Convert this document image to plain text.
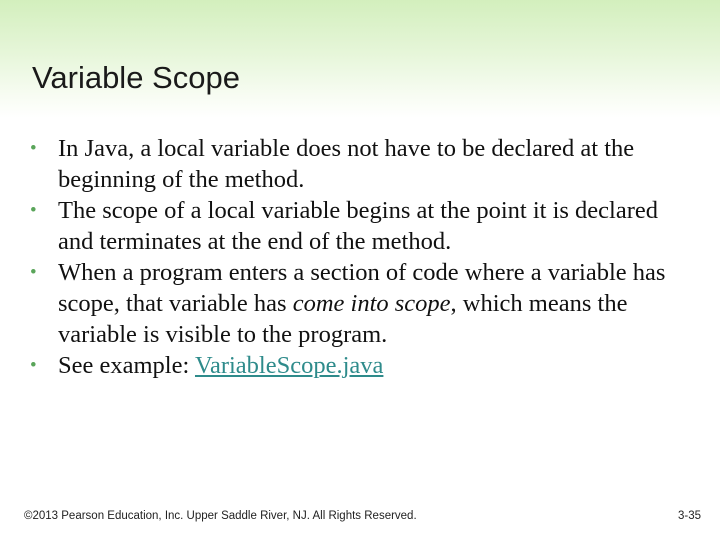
Variable Scope
• In Java, a local variable does not have to be declared at the beginning of the method.
• The scope of a local variable begins at the point it is declared and terminates at the end of the method.
• When a program enters a section of code where a variable has scope, that variable has come into scope, which means the variable is visible to the program.
• See example: VariableScope.java
©2013 Pearson Education, Inc. Upper Saddle River, NJ. All Rights Reserved.	3-35
